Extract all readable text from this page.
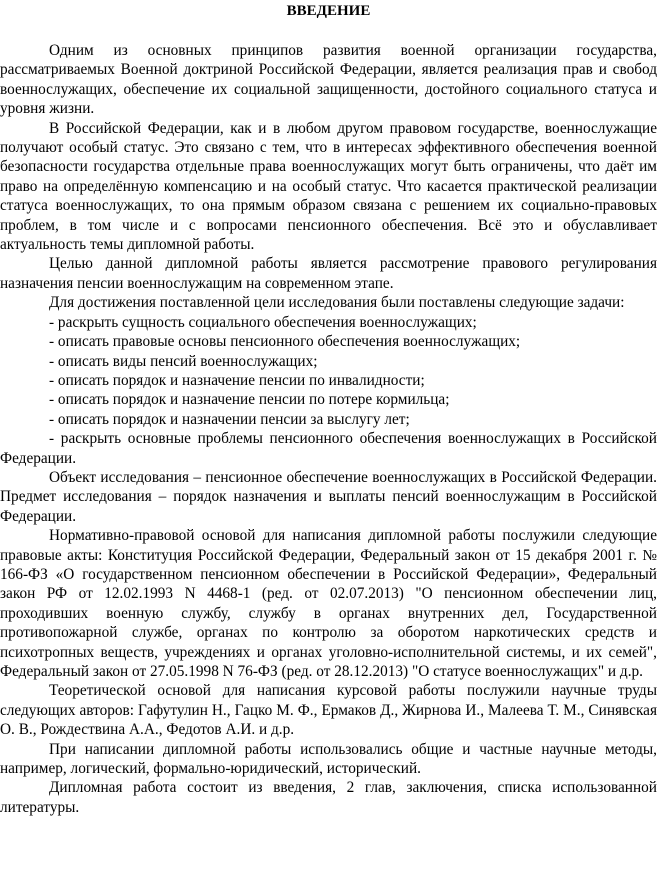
ВВЕДЕНИЕ

Одним из основных принципов развития военной организации государства, рассматриваемых Военной доктриной Российской Федерации, является реализация прав и свобод военнослужащих, обеспечение их социальной защищенности, достойного социального статуса и уровня жизни.

В Российской Федерации, как и в любом другом правовом государстве, военнослужащие получают особый статус. Это связано с тем, что в интересах эффективного обеспечения военной безопасности государства отдельные права военнослужащих могут быть ограничены, что даёт им право на определённую компенсацию и на особый статус. Что касается практической реализации статуса военнослужащих, то она прямым образом связана с решением их социально-правовых проблем, в том числе и с вопросами пенсионного обеспечения. Всё это и обуславливает актуальность темы дипломной работы.

Целью данной дипломной работы является рассмотрение правового регулирования назначения пенсии военнослужащим на современном этапе.

Для достижения поставленной цели исследования были поставлены следующие задачи:

- раскрыть сущность социального обеспечения военнослужащих;

- описать правовые основы пенсионного обеспечения военнослужащих;

- описать виды пенсий военнослужащих;

- описать порядок и назначение пенсии по инвалидности;

- описать порядок и назначение пенсии по потере кормильца;

- описать порядок и назначении пенсии за выслугу лет;

- раскрыть основные проблемы пенсионного обеспечения военнослужащих в Российской Федерации.

Объект исследования – пенсионное обеспечение военнослужащих в Российской Федерации. Предмет исследования – порядок назначения и выплаты пенсий военнослужащим в Российской Федерации.

Нормативно-правовой основой для написания дипломной работы послужили следующие правовые акты: Конституция Российской Федерации, Федеральный закон от 15 декабря 2001 г. № 166-ФЗ «О государственном пенсионном обеспечении в Российской Федерации», Федеральный закон РФ от 12.02.1993 N 4468-1 (ред. от 02.07.2013) "О пенсионном обеспечении лиц, проходивших военную службу, службу в органах внутренних дел, Государственной противопожарной службе, органах по контролю за оборотом наркотических средств и психотропных веществ, учреждениях и органах уголовно-исполнительной системы, и их семей", Федеральный закон от 27.05.1998 N 76-ФЗ (ред. от 28.12.2013) "О статусе военнослужащих" и д.р.

Теоретической основой для написания курсовой работы послужили научные труды следующих авторов: Гафутулин Н., Гацко М. Ф., Ермаков Д., Жирнова И., Малеева Т. М., Синявская О. В., Рождествина А.А., Федотов А.И. и д.р.

При написании дипломной работы использовались общие и частные научные методы, например, логический, формально-юридический, исторический.

Дипломная работа состоит из введения, 2 глав, заключения, списка использованной литературы.
